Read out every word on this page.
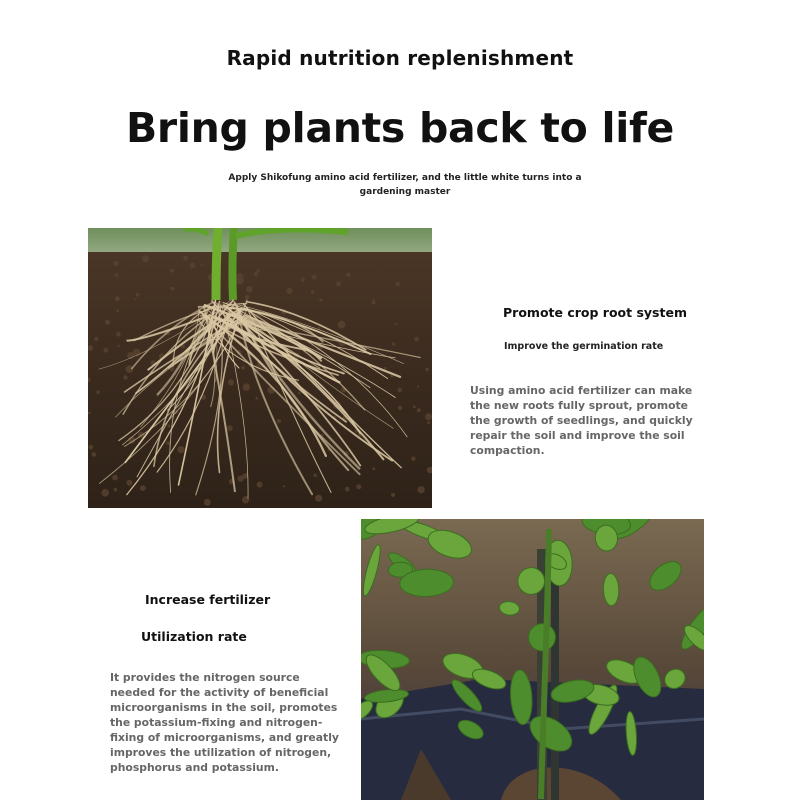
Rapid nutrition replenishment
Bring plants back to life
Apply Shikofung amino acid fertilizer, and the little white turns into a gardening master
Promote crop root system
Improve the germination rate
Using amino acid fertilizer can make the new roots fully sprout, promote the growth of seedlings, and quickly repair the soil and improve the soil compaction.
Increase fertilizer
Utilization rate
It provides the nitrogen source needed for the activity of beneficial microorganisms in the soil, promotes the potassium-fixing and nitrogen-fixing of microorganisms, and greatly improves the utilization of nitrogen, phosphorus and potassium.
